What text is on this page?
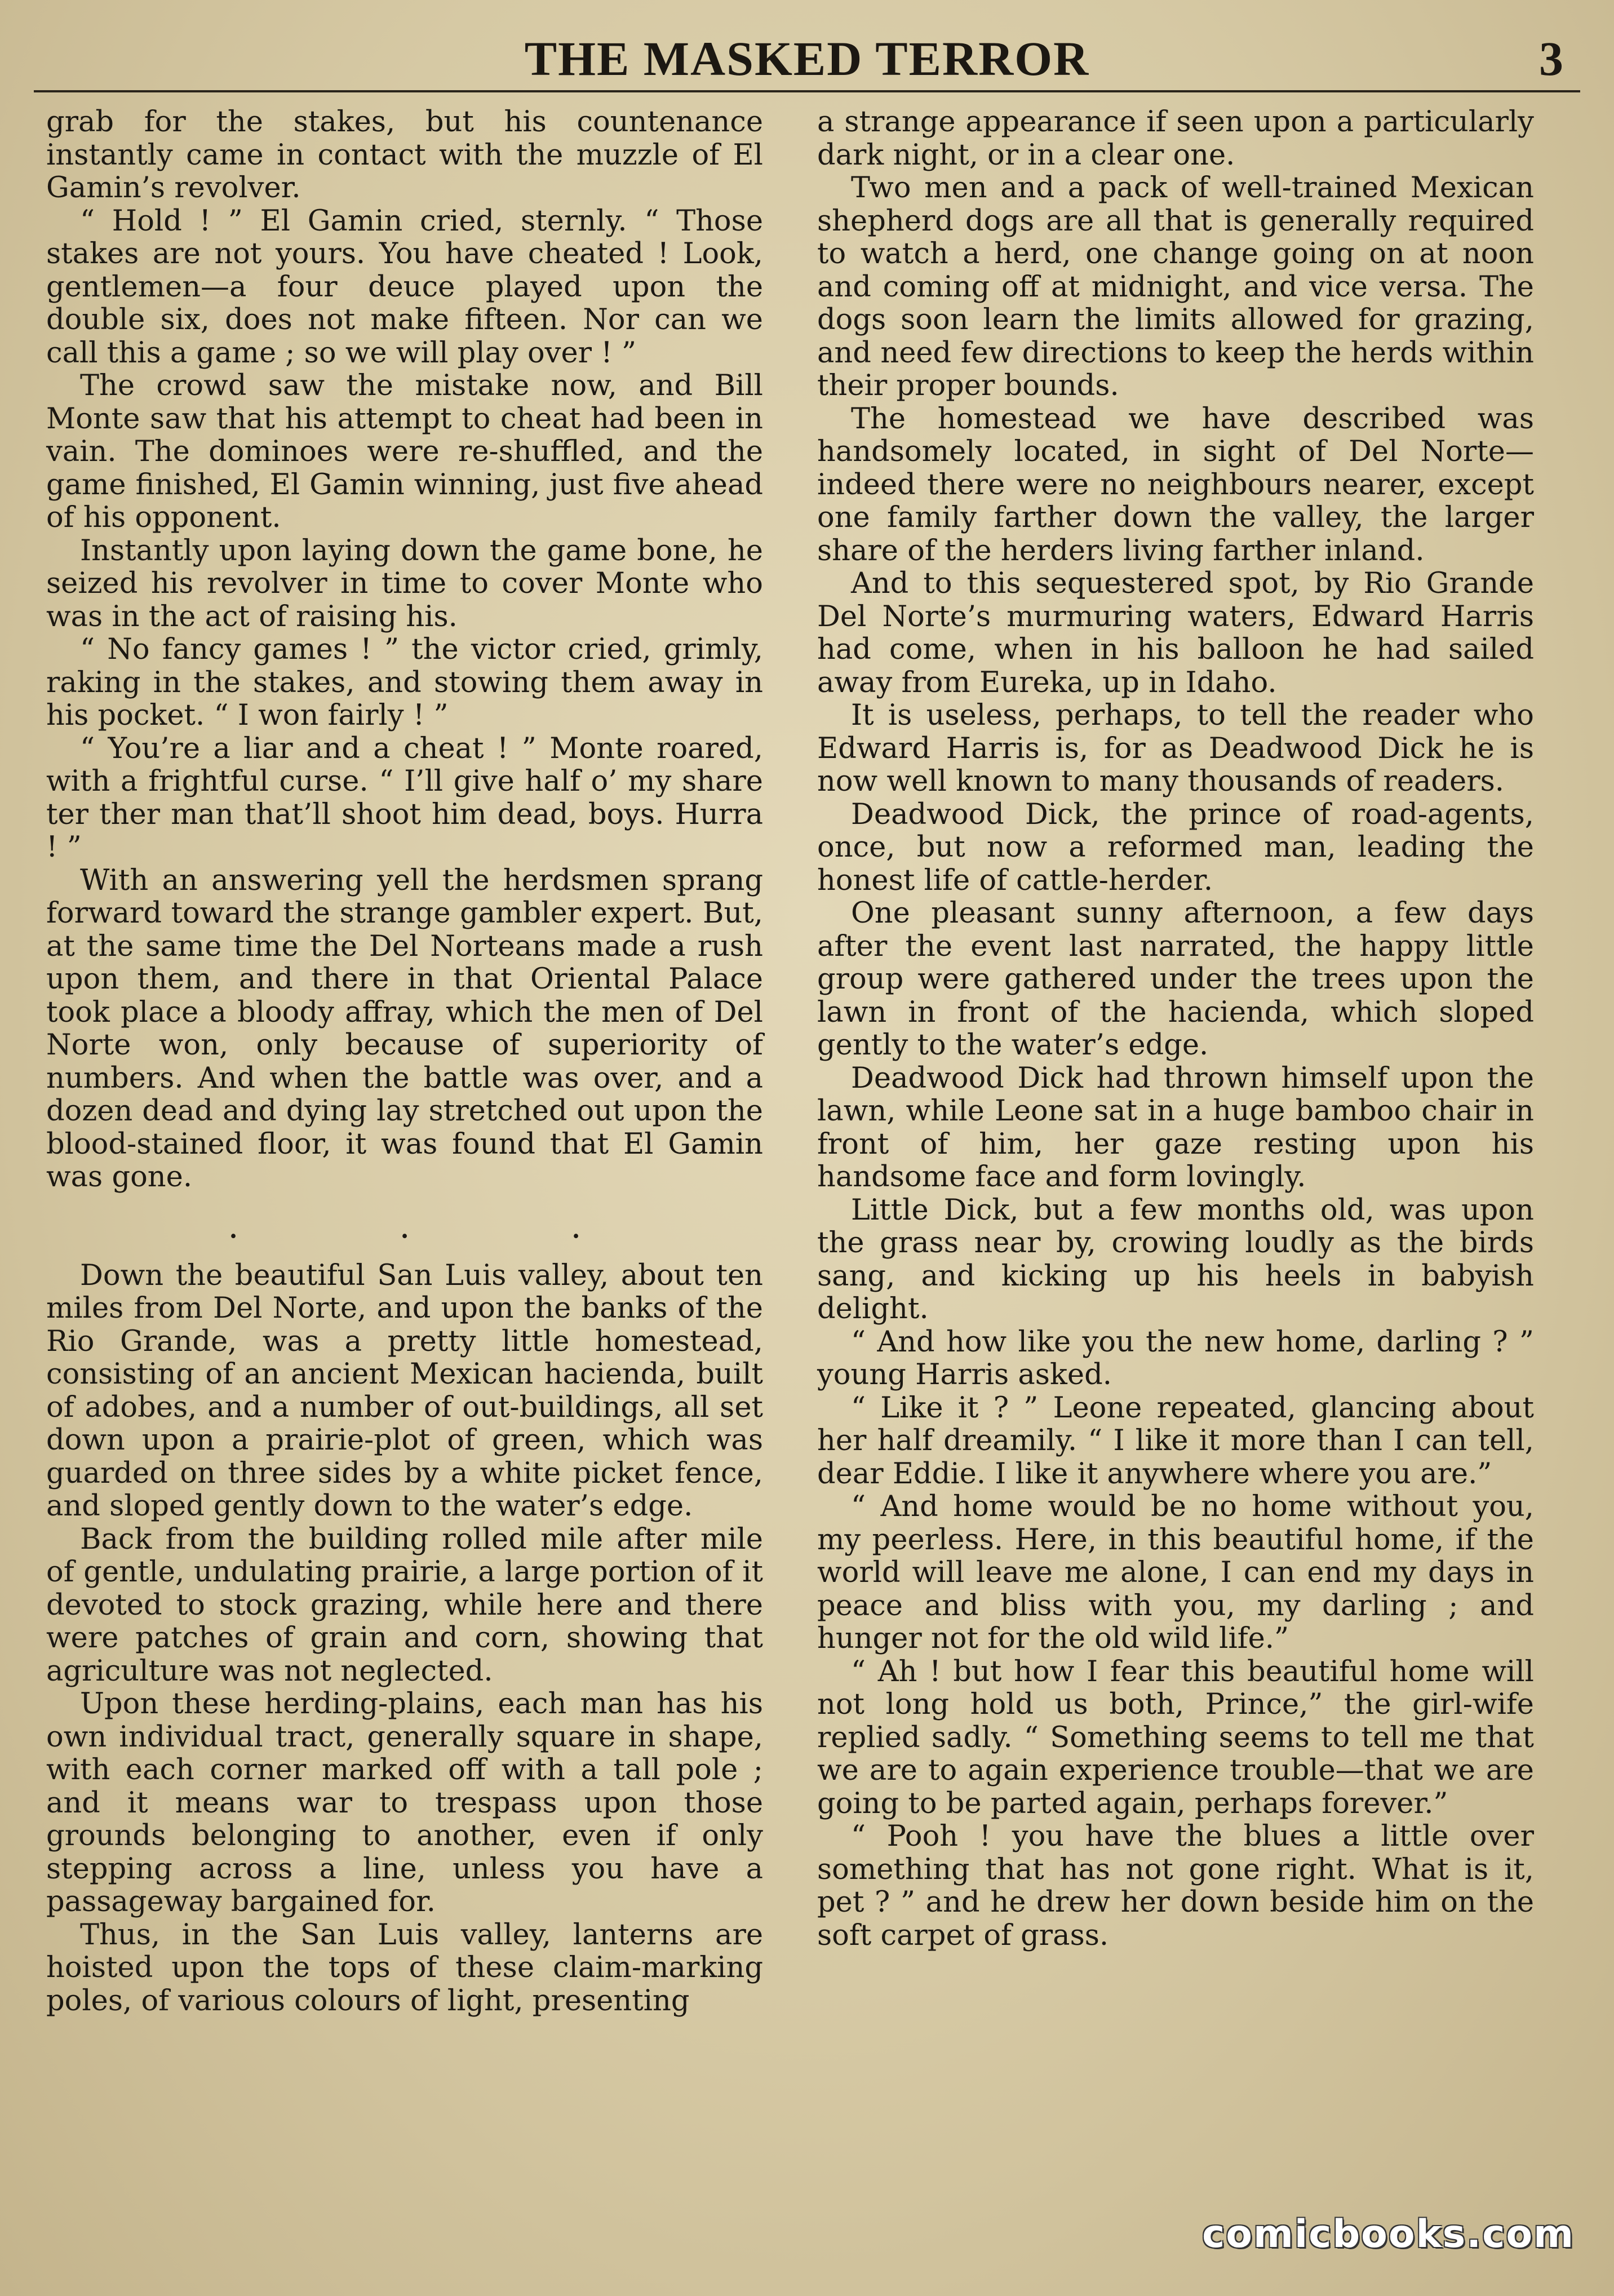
THE MASKED TERROR	3

grab for the stakes, but his countenance instantly came in contact with the muzzle of El Gamin’s revolver.

“ Hold ! ” El Gamin cried, sternly. “ Those stakes are not yours. You have cheated ! Look, gentlemen—a four deuce played upon the double six, does not make fifteen. Nor can we call this a game ; so we will play over ! ”

The crowd saw the mistake now, and Bill Monte saw that his attempt to cheat had been in vain. The dominoes were re-shuffled, and the game finished, El Gamin winning, just five ahead of his opponent.

Instantly upon laying down the game bone, he seized his revolver in time to cover Monte who was in the act of raising his.

“ No fancy games ! ” the victor cried, grimly, raking in the stakes, and stowing them away in his pocket. “ I won fairly ! ”

“ You’re a liar and a cheat ! ” Monte roared, with a frightful curse. “ I’ll give half o’ my share ter ther man that’ll shoot him dead, boys. Hurra ! ”

With an answering yell the herdsmen sprang forward toward the strange gambler expert. But, at the same time the Del Norteans made a rush upon them, and there in that Oriental Palace took place a bloody affray, which the men of Del Norte won, only because of superiority of numbers. And when the battle was over, and a dozen dead and dying lay stretched out upon the blood-stained floor, it was found that El Gamin was gone.

.	.	.

Down the beautiful San Luis valley, about ten miles from Del Norte, and upon the banks of the Rio Grande, was a pretty little homestead, consisting of an ancient Mexican hacienda, built of adobes, and a number of out-buildings, all set down upon a prairie-plot of green, which was guarded on three sides by a white picket fence, and sloped gently down to the water’s edge.

Back from the building rolled mile after mile of gentle, undulating prairie, a large portion of it devoted to stock grazing, while here and there were patches of grain and corn, showing that agriculture was not neglected.

Upon these herding-plains, each man has his own individual tract, generally square in shape, with each corner marked off with a tall pole ; and it means war to trespass upon those grounds belonging to another, even if only stepping across a line, unless you have a passageway bargained for.

Thus, in the San Luis valley, lanterns are hoisted upon the tops of these claim-marking poles, of various colours of light, presenting

a strange appearance if seen upon a particularly dark night, or in a clear one.

Two men and a pack of well-trained Mexican shepherd dogs are all that is generally required to watch a herd, one change going on at noon and coming off at midnight, and vice versa. The dogs soon learn the limits allowed for grazing, and need few directions to keep the herds within their proper bounds.

The homestead we have described was handsomely located, in sight of Del Norte—indeed there were no neighbours nearer, except one family farther down the valley, the larger share of the herders living farther inland.

And to this sequestered spot, by Rio Grande Del Norte’s murmuring waters, Edward Harris had come, when in his balloon he had sailed away from Eureka, up in Idaho.

It is useless, perhaps, to tell the reader who Edward Harris is, for as Deadwood Dick he is now well known to many thousands of readers.

Deadwood Dick, the prince of road-agents, once, but now a reformed man, leading the honest life of cattle-herder.

One pleasant sunny afternoon, a few days after the event last narrated, the happy little group were gathered under the trees upon the lawn in front of the hacienda, which sloped gently to the water’s edge.

Deadwood Dick had thrown himself upon the lawn, while Leone sat in a huge bamboo chair in front of him, her gaze resting upon his handsome face and form lovingly.

Little Dick, but a few months old, was upon the grass near by, crowing loudly as the birds sang, and kicking up his heels in babyish delight.

“ And how like you the new home, darling ? ” young Harris asked.

“ Like it ? ” Leone repeated, glancing about her half dreamily. “ I like it more than I can tell, dear Eddie. I like it anywhere where you are.”

“ And home would be no home without you, my peerless. Here, in this beautiful home, if the world will leave me alone, I can end my days in peace and bliss with you, my darling ; and hunger not for the old wild life.”

“ Ah ! but how I fear this beautiful home will not long hold us both, Prince,” the girl-wife replied sadly. “ Something seems to tell me that we are to again experience trouble—that we are going to be parted again, perhaps forever.”

“ Pooh ! you have the blues a little over something that has not gone right. What is it, pet ? ” and he drew her down beside him on the soft carpet of grass.

comicbooks.com
